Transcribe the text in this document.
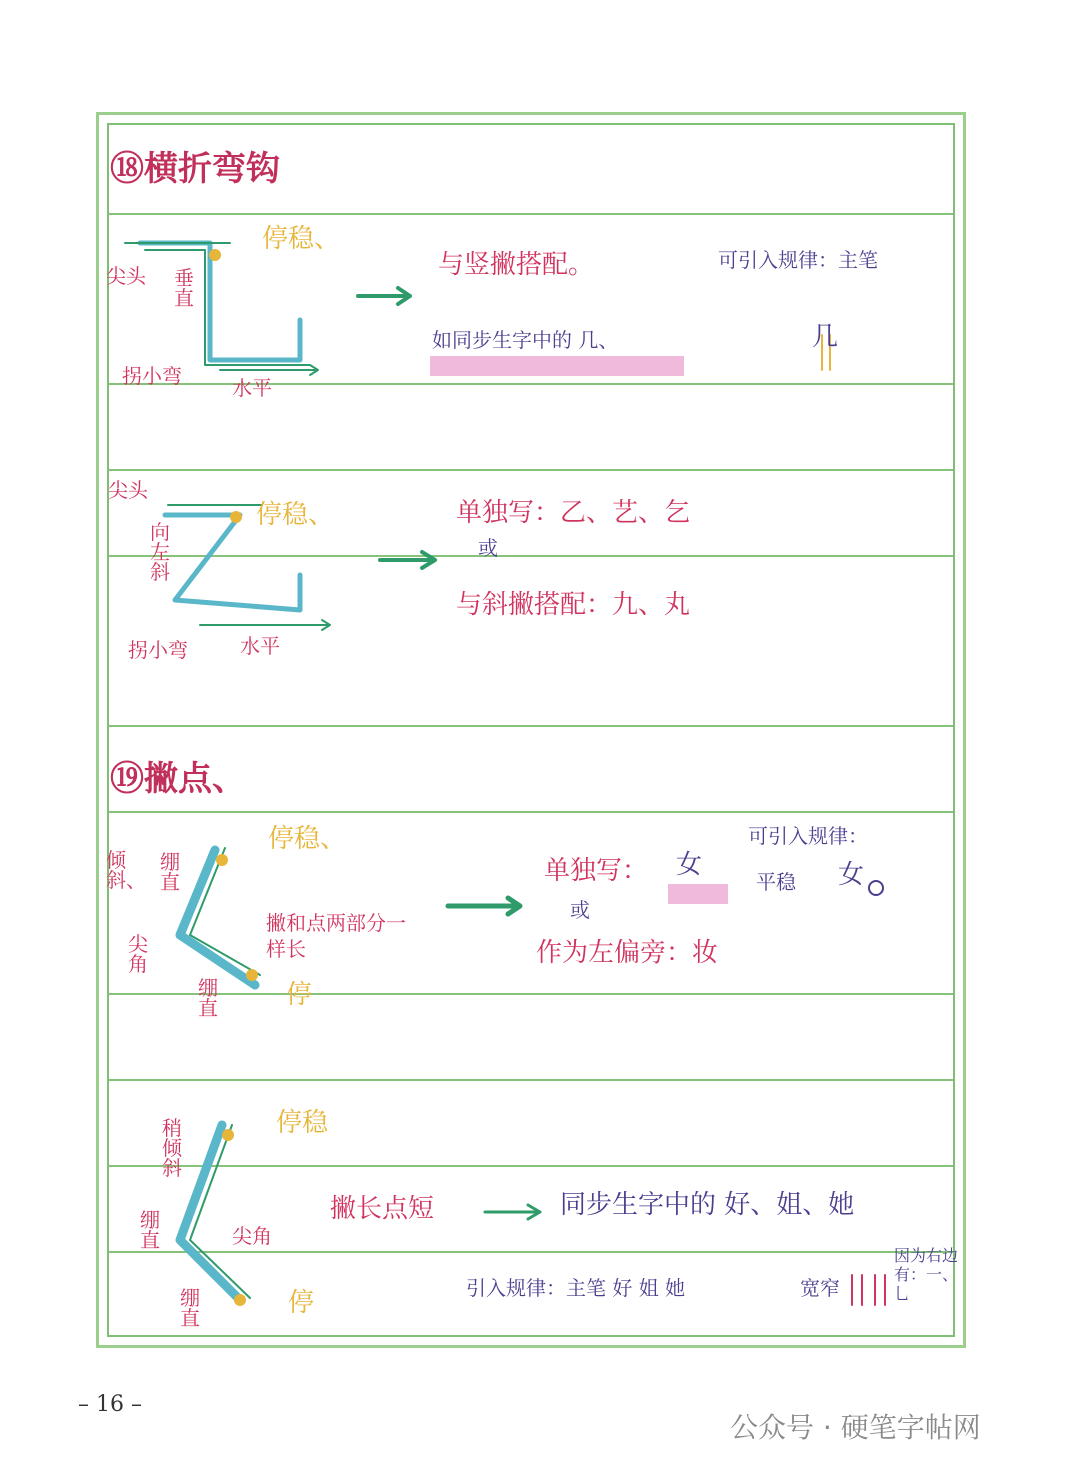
⑱横折弯钩
尖头 垂直
拐小弯	水平
停稳、
与竖撇搭配。	可引入规律：主笔
如同步生字中的 几、	几
尖头
向左斜
拐小弯	水平
停稳、	单独写：乙、艺、乞
或
与斜撇搭配：九、丸
⑲撇点、
倾斜、
绷直
尖角
绷直
停稳、
停
撇和点两部分一样长
可引入规律：
单独写： 女
平稳 女
或
作为左偏旁：妆
稍倾斜
绷直	尖角
绷直
停稳
停
撇长点短	同步生字中的 好、姐、她
引入规律：主笔 好 姐 她	宽窄
因为右边有：一、乚
– 16 –
公众号 · 硬笔字帖网
